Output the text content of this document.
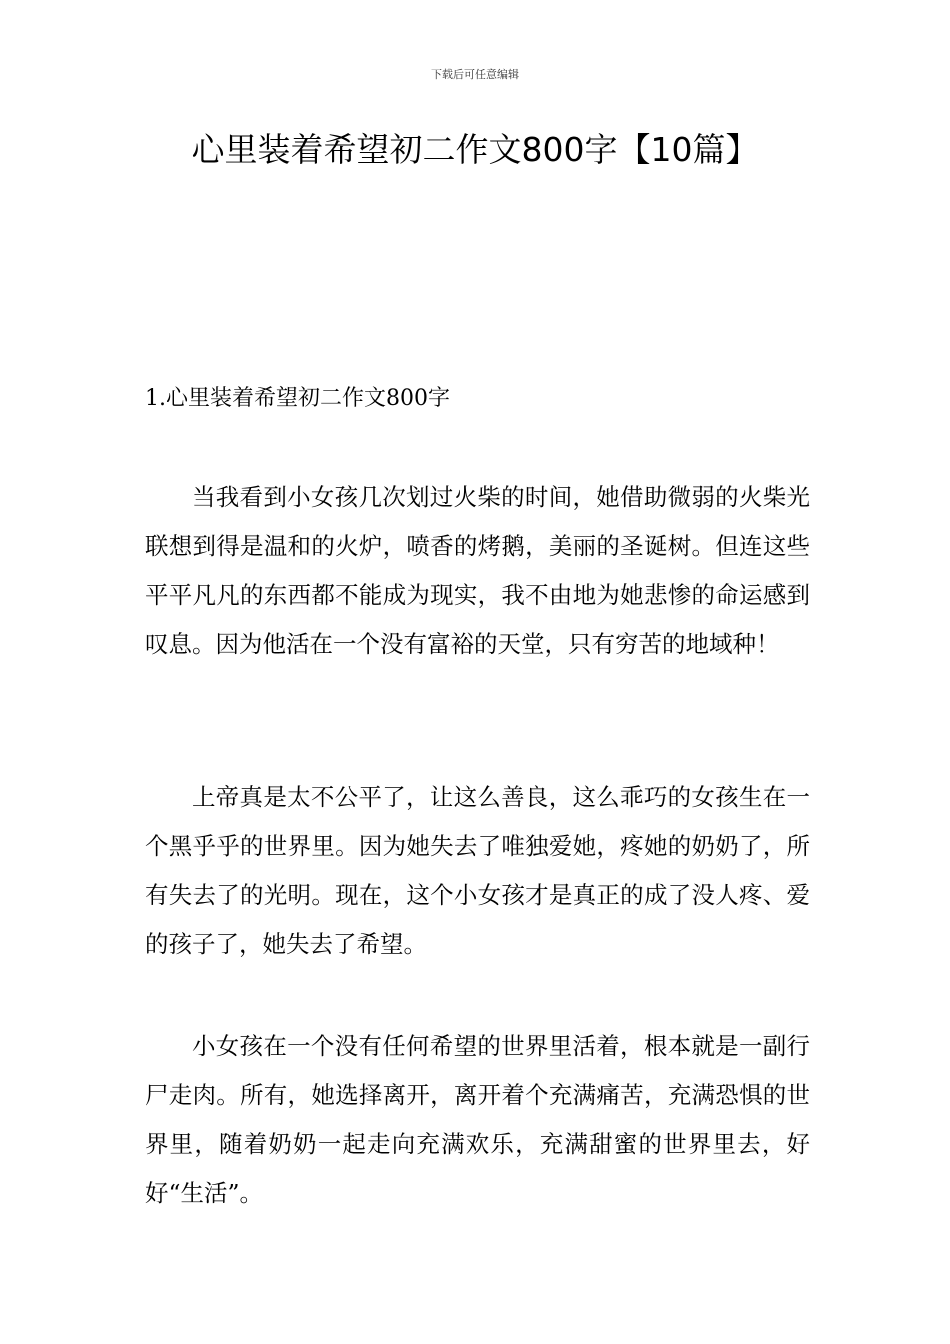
下载后可任意编辑
心里装着希望初二作文800字【10篇】
1.心里装着希望初二作文800字

当我看到小女孩几次划过火柴的时间，她借助微弱的火柴光联想到得是温和的火炉，喷香的烤鹅，美丽的圣诞树。但连这些平平凡凡的东西都不能成为现实，我不由地为她悲惨的命运感到叹息。因为他活在一个没有富裕的天堂，只有穷苦的地域种！

上帝真是太不公平了，让这么善良，这么乖巧的女孩生在一个黑乎乎的世界里。因为她失去了唯独爱她，疼她的奶奶了，所有失去了的光明。现在，这个小女孩才是真正的成了没人疼、爱的孩子了，她失去了希望。

小女孩在一个没有任何希望的世界里活着，根本就是一副行尸走肉。所有，她选择离开，离开着个充满痛苦，充满恐惧的世界里，随着奶奶一起走向充满欢乐，充满甜蜜的世界里去，好好“生活”。
